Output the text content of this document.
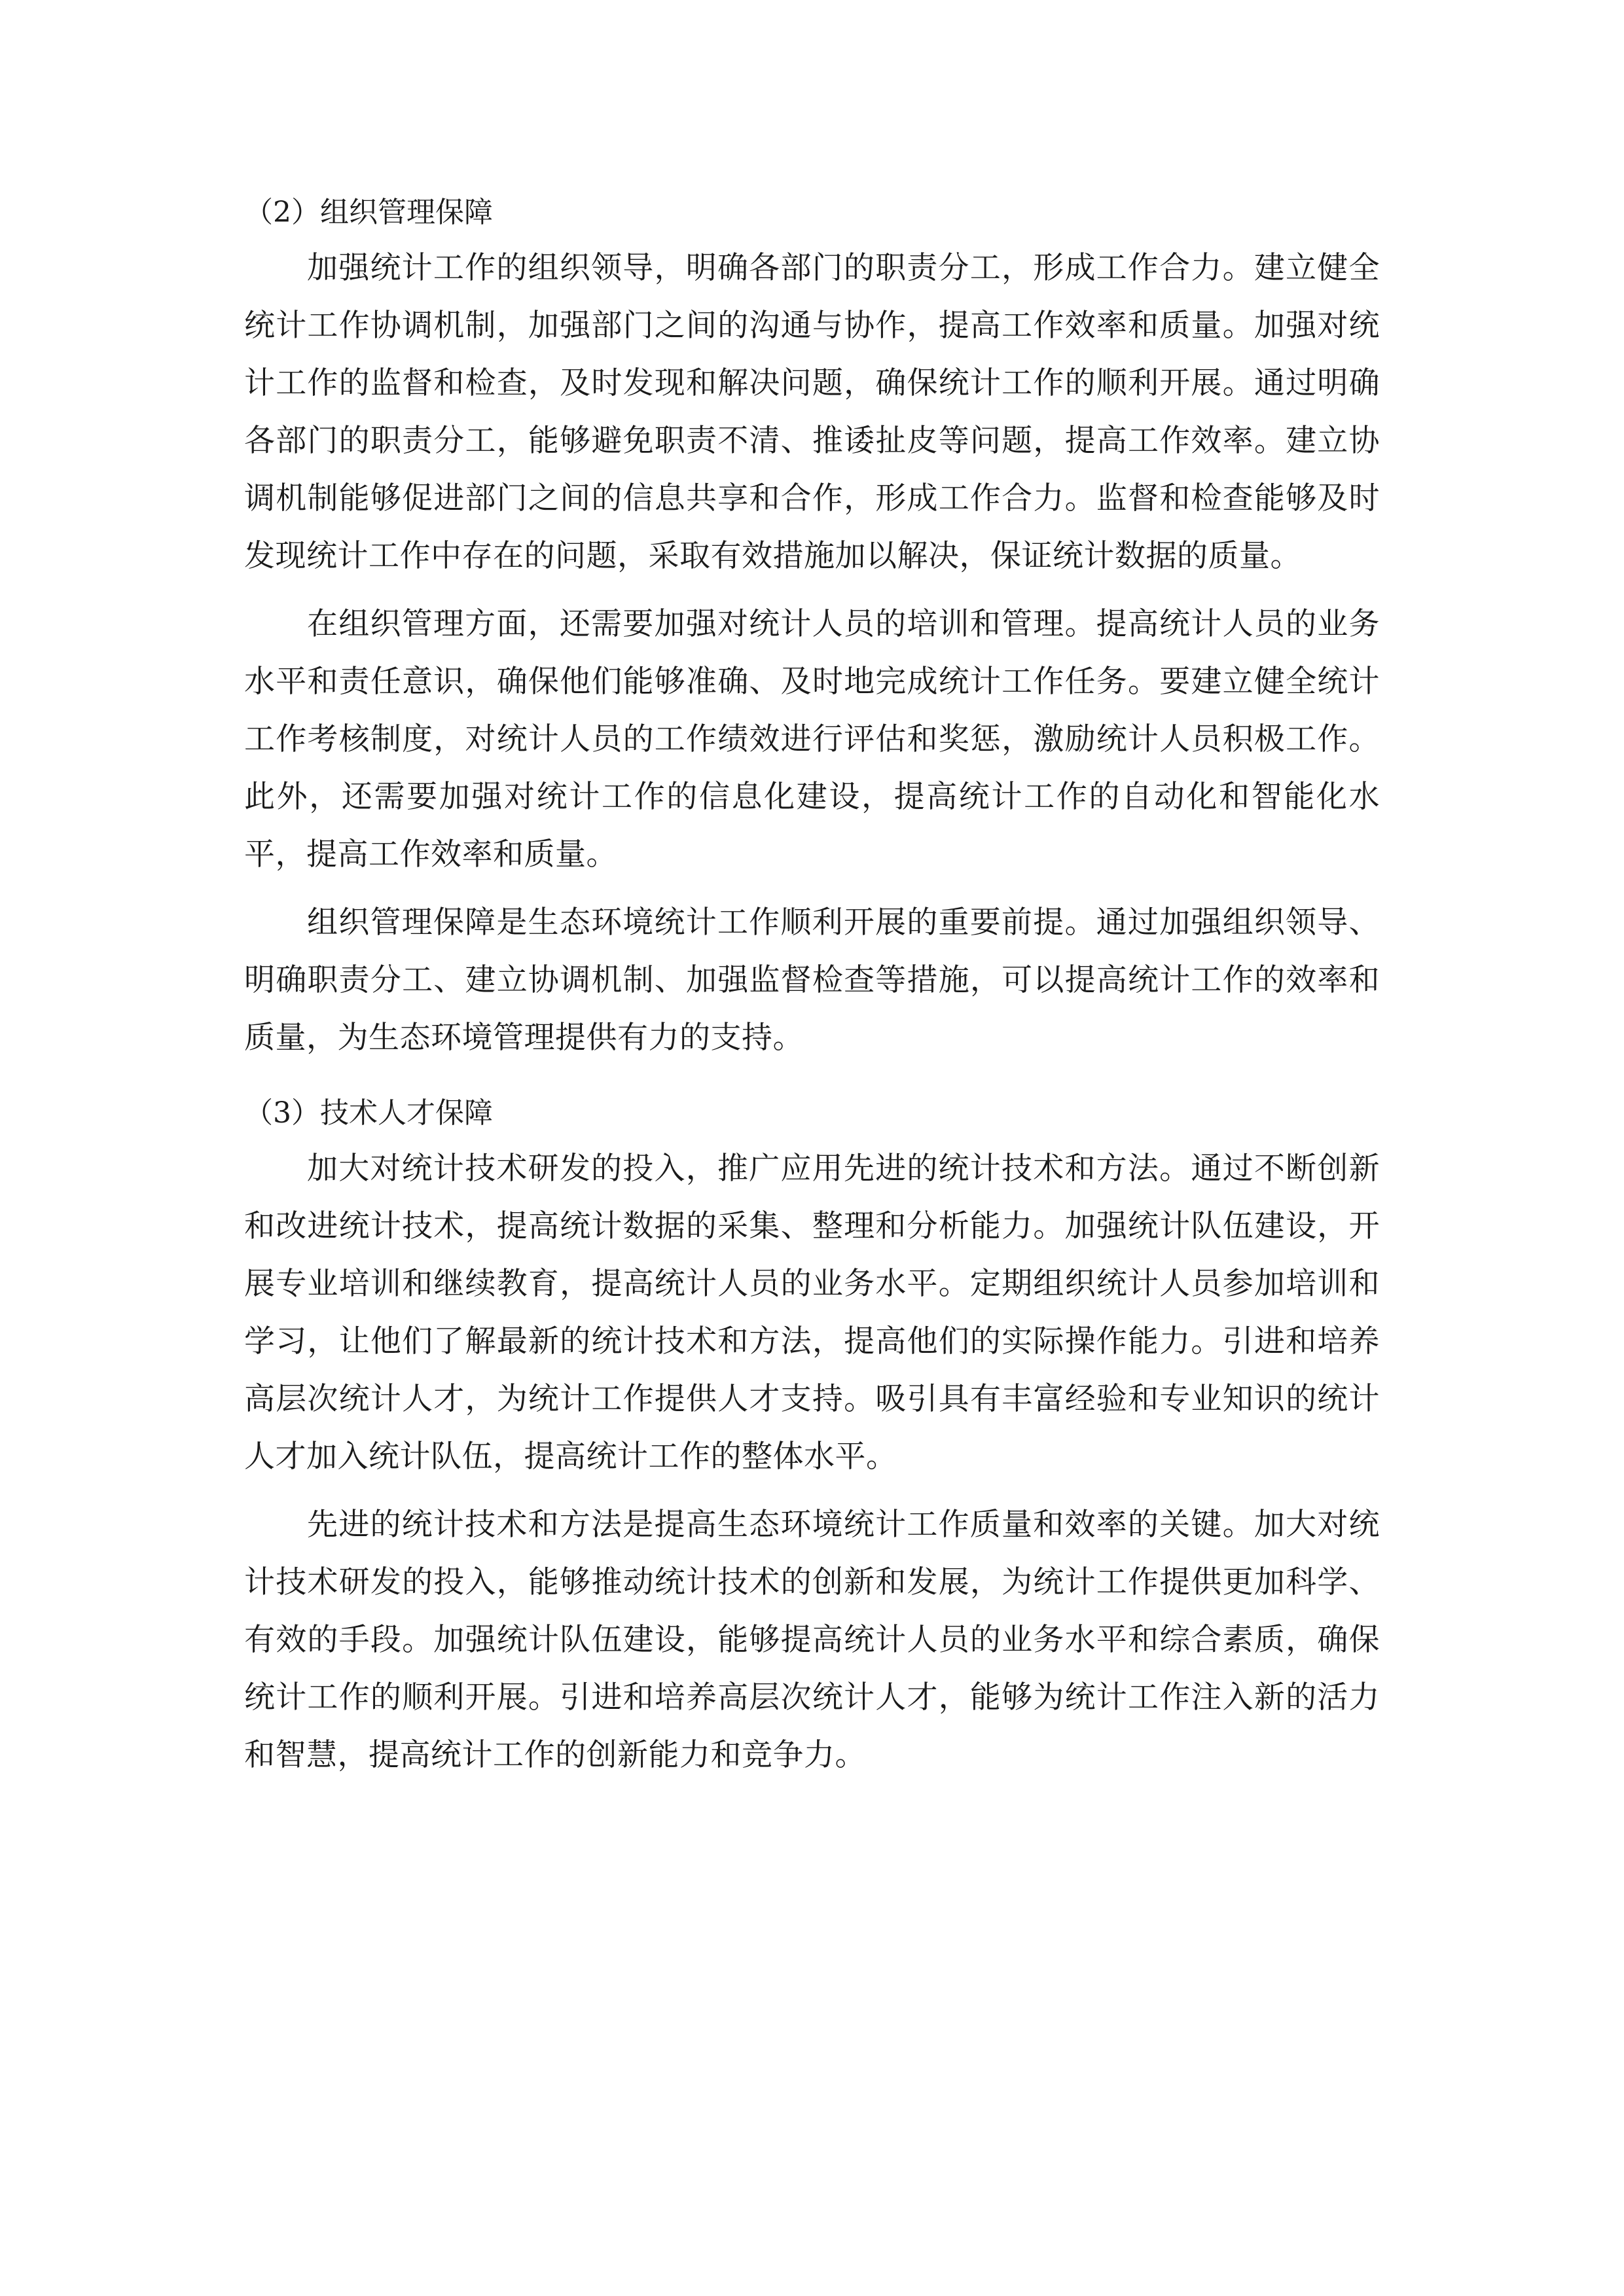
（2）组织管理保障

加强统计工作的组织领导，明确各部门的职责分工，形成工作合力。建立健全统计工作协调机制，加强部门之间的沟通与协作，提高工作效率和质量。加强对统计工作的监督和检查，及时发现和解决问题，确保统计工作的顺利开展。通过明确各部门的职责分工，能够避免职责不清、推诿扯皮等问题，提高工作效率。建立协调机制能够促进部门之间的信息共享和合作，形成工作合力。监督和检查能够及时发现统计工作中存在的问题，采取有效措施加以解决，保证统计数据的质量。

在组织管理方面，还需要加强对统计人员的培训和管理。提高统计人员的业务水平和责任意识，确保他们能够准确、及时地完成统计工作任务。要建立健全统计工作考核制度，对统计人员的工作绩效进行评估和奖惩，激励统计人员积极工作。此外，还需要加强对统计工作的信息化建设，提高统计工作的自动化和智能化水平，提高工作效率和质量。

组织管理保障是生态环境统计工作顺利开展的重要前提。通过加强组织领导、明确职责分工、建立协调机制、加强监督检查等措施，可以提高统计工作的效率和质量，为生态环境管理提供有力的支持。

（3）技术人才保障

加大对统计技术研发的投入，推广应用先进的统计技术和方法。通过不断创新和改进统计技术，提高统计数据的采集、整理和分析能力。加强统计队伍建设，开展专业培训和继续教育，提高统计人员的业务水平。定期组织统计人员参加培训和学习，让他们了解最新的统计技术和方法，提高他们的实际操作能力。引进和培养高层次统计人才，为统计工作提供人才支持。吸引具有丰富经验和专业知识的统计人才加入统计队伍，提高统计工作的整体水平。

先进的统计技术和方法是提高生态环境统计工作质量和效率的关键。加大对统计技术研发的投入，能够推动统计技术的创新和发展，为统计工作提供更加科学、有效的手段。加强统计队伍建设，能够提高统计人员的业务水平和综合素质，确保统计工作的顺利开展。引进和培养高层次统计人才，能够为统计工作注入新的活力和智慧，提高统计工作的创新能力和竞争力。
